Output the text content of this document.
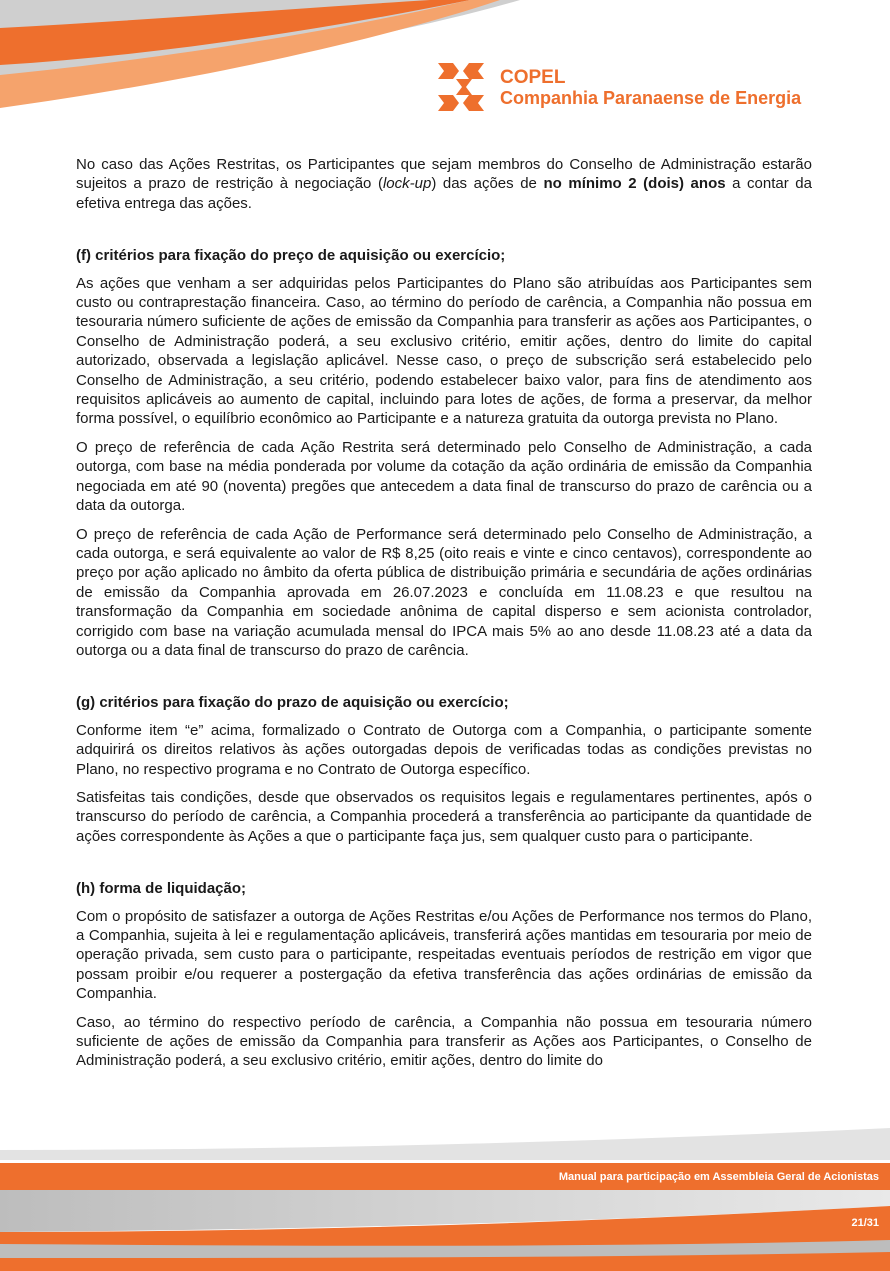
COPEL
Companhia Paranaense de Energia

No caso das Ações Restritas, os Participantes que sejam membros do Conselho de Administração estarão sujeitos a prazo de restrição à negociação (lock-up) das ações de no mínimo 2 (dois) anos a contar da efetiva entrega das ações.

(f) critérios para fixação do preço de aquisição ou exercício;

As ações que venham a ser adquiridas pelos Participantes do Plano são atribuídas aos Participantes sem custo ou contraprestação financeira. Caso, ao término do período de carência, a Companhia não possua em tesouraria número suficiente de ações de emissão da Companhia para transferir as ações aos Participantes, o Conselho de Administração poderá, a seu exclusivo critério, emitir ações, dentro do limite do capital autorizado, observada a legislação aplicável. Nesse caso, o preço de subscrição será estabelecido pelo Conselho de Administração, a seu critério, podendo estabelecer baixo valor, para fins de atendimento aos requisitos aplicáveis ao aumento de capital, incluindo para lotes de ações, de forma a preservar, da melhor forma possível, o equilíbrio econômico ao Participante e a natureza gratuita da outorga prevista no Plano.

O preço de referência de cada Ação Restrita será determinado pelo Conselho de Administração, a cada outorga, com base na média ponderada por volume da cotação da ação ordinária de emissão da Companhia negociada em até 90 (noventa) pregões que antecedem a data final de transcurso do prazo de carência ou a data da outorga.

O preço de referência de cada Ação de Performance será determinado pelo Conselho de Administração, a cada outorga, e será equivalente ao valor de R$ 8,25 (oito reais e vinte e cinco centavos), correspondente ao preço por ação aplicado no âmbito da oferta pública de distribuição primária e secundária de ações ordinárias de emissão da Companhia aprovada em 26.07.2023 e concluída em 11.08.23 e que resultou na transformação da Companhia em sociedade anônima de capital disperso e sem acionista controlador, corrigido com base na variação acumulada mensal do IPCA mais 5% ao ano desde 11.08.23 até a data da outorga ou a data final de transcurso do prazo de carência.

(g) critérios para fixação do prazo de aquisição ou exercício;

Conforme item “e” acima, formalizado o Contrato de Outorga com a Companhia, o participante somente adquirirá os direitos relativos às ações outorgadas depois de verificadas todas as condições previstas no Plano, no respectivo programa e no Contrato de Outorga específico.

Satisfeitas tais condições, desde que observados os requisitos legais e regulamentares pertinentes, após o transcurso do período de carência, a Companhia procederá a transferência ao participante da quantidade de ações correspondente às Ações a que o participante faça jus, sem qualquer custo para o participante.

(h) forma de liquidação;

Com o propósito de satisfazer a outorga de Ações Restritas e/ou Ações de Performance nos termos do Plano, a Companhia, sujeita à lei e regulamentação aplicáveis, transferirá ações mantidas em tesouraria por meio de operação privada, sem custo para o participante, respeitadas eventuais períodos de restrição em vigor que possam proibir e/ou requerer a postergação da efetiva transferência das ações ordinárias de emissão da Companhia.

Caso, ao término do respectivo período de carência, a Companhia não possua em tesouraria número suficiente de ações de emissão da Companhia para transferir as Ações aos Participantes, o Conselho de Administração poderá, a seu exclusivo critério, emitir ações, dentro do limite do

Manual para participação em Assembleia Geral de Acionistas
21/31
